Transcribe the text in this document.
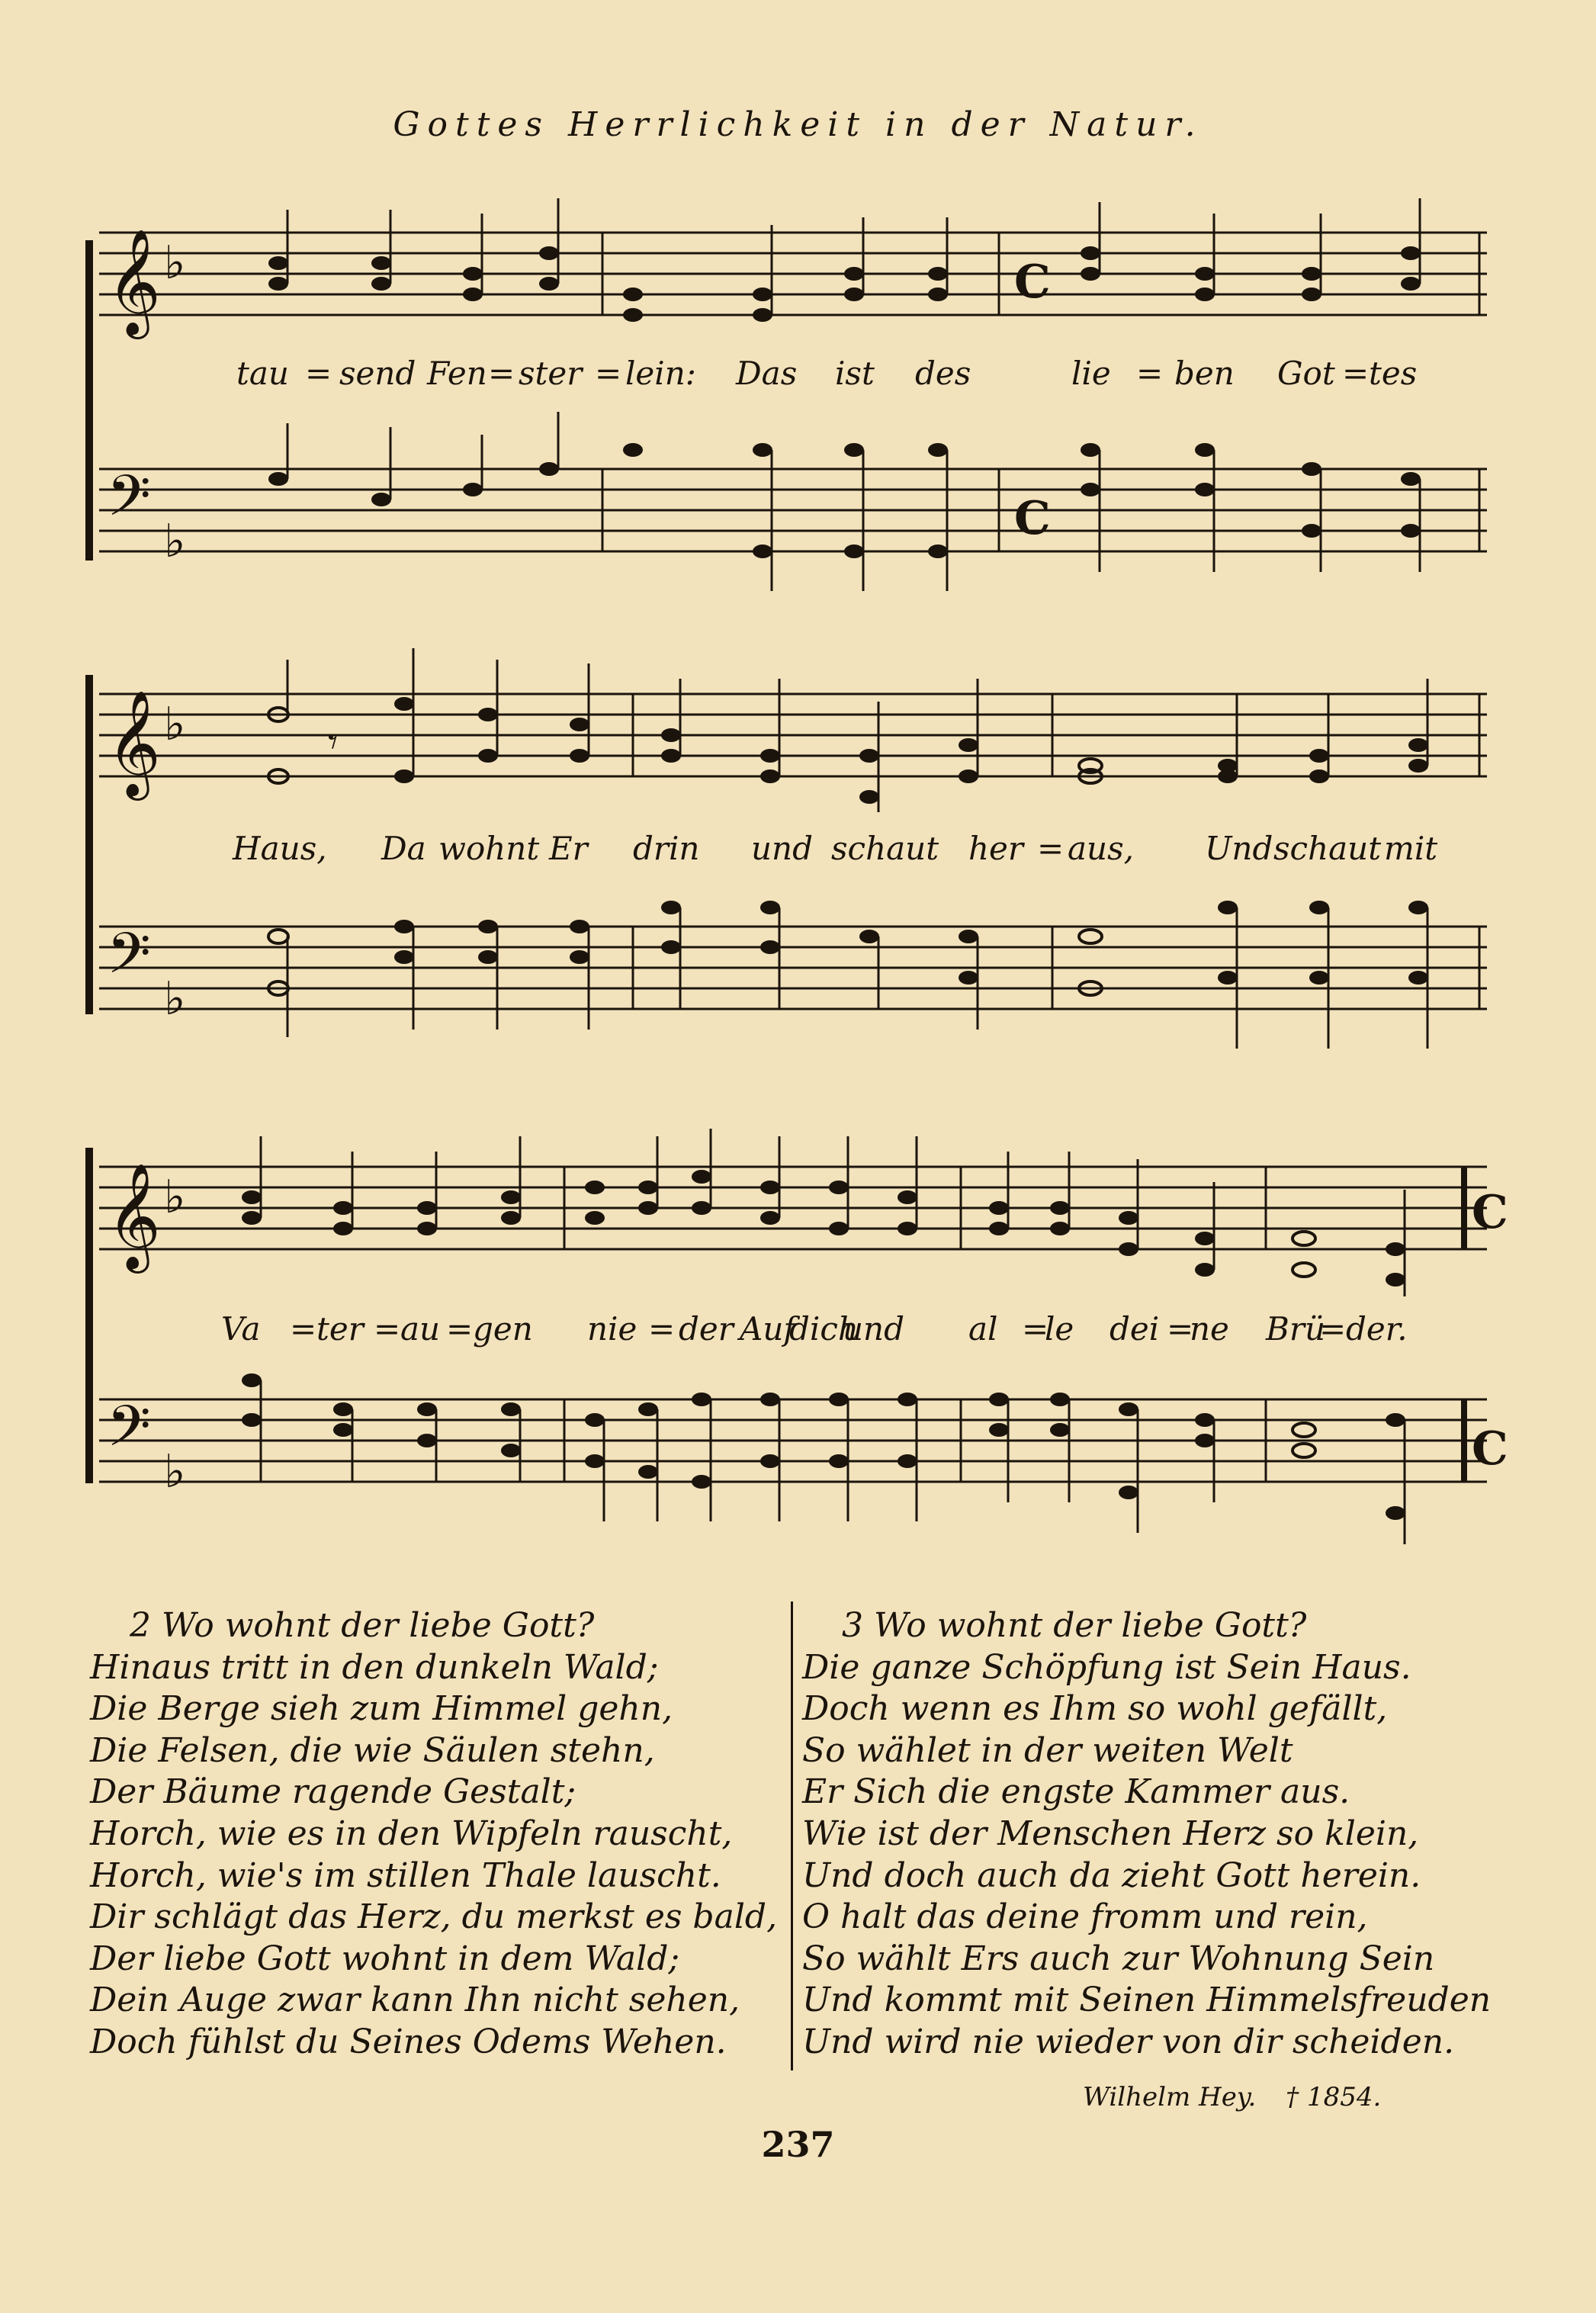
Gottes Herrlichkeit in der Natur.
𝄞 ♭	C
tau = send Fen = ster = lein: Das ist des	lie = ben Got = tes
𝄢 ♭	C
𝄞 ♭	𝄾
Haus, Da wohnt Er drin und schaut her = aus, Und schaut mit
𝄢 ♭
𝄞 ♭	C
Va = ter = au = gen nie = der Auf
dich
und al =
le dei =
ne Brü
= der.
𝄢 ♭	C
2 Wo wohnt der liebe Gott?
Hinaus tritt in den dunkeln Wald;
Die Berge sieh zum Himmel gehn,
Die Felsen, die wie Säulen stehn,
Der Bäume ragende Gestalt;
Horch, wie es in den Wipfeln rauscht,
Horch, wie's im stillen Thale lauscht.
Dir schlägt das Herz, du merkst es bald,
Der liebe Gott wohnt in dem Wald;
Dein Auge zwar kann Ihn nicht sehen,
Doch fühlst du Seines Odems Wehen.
3 Wo wohnt der liebe Gott?
Die ganze Schöpfung ist Sein Haus.
Doch wenn es Ihm so wohl gefällt,
So wählet in der weiten Welt
Er Sich die engste Kammer aus.
Wie ist der Menschen Herz so klein,
Und doch auch da zieht Gott herein.
O halt das deine fromm und rein,
So wählt Ers auch zur Wohnung Sein
Und kommt mit Seinen Himmelsfreuden
Und wird nie wieder von dir scheiden.
Wilhelm Hey. † 1854.
237
